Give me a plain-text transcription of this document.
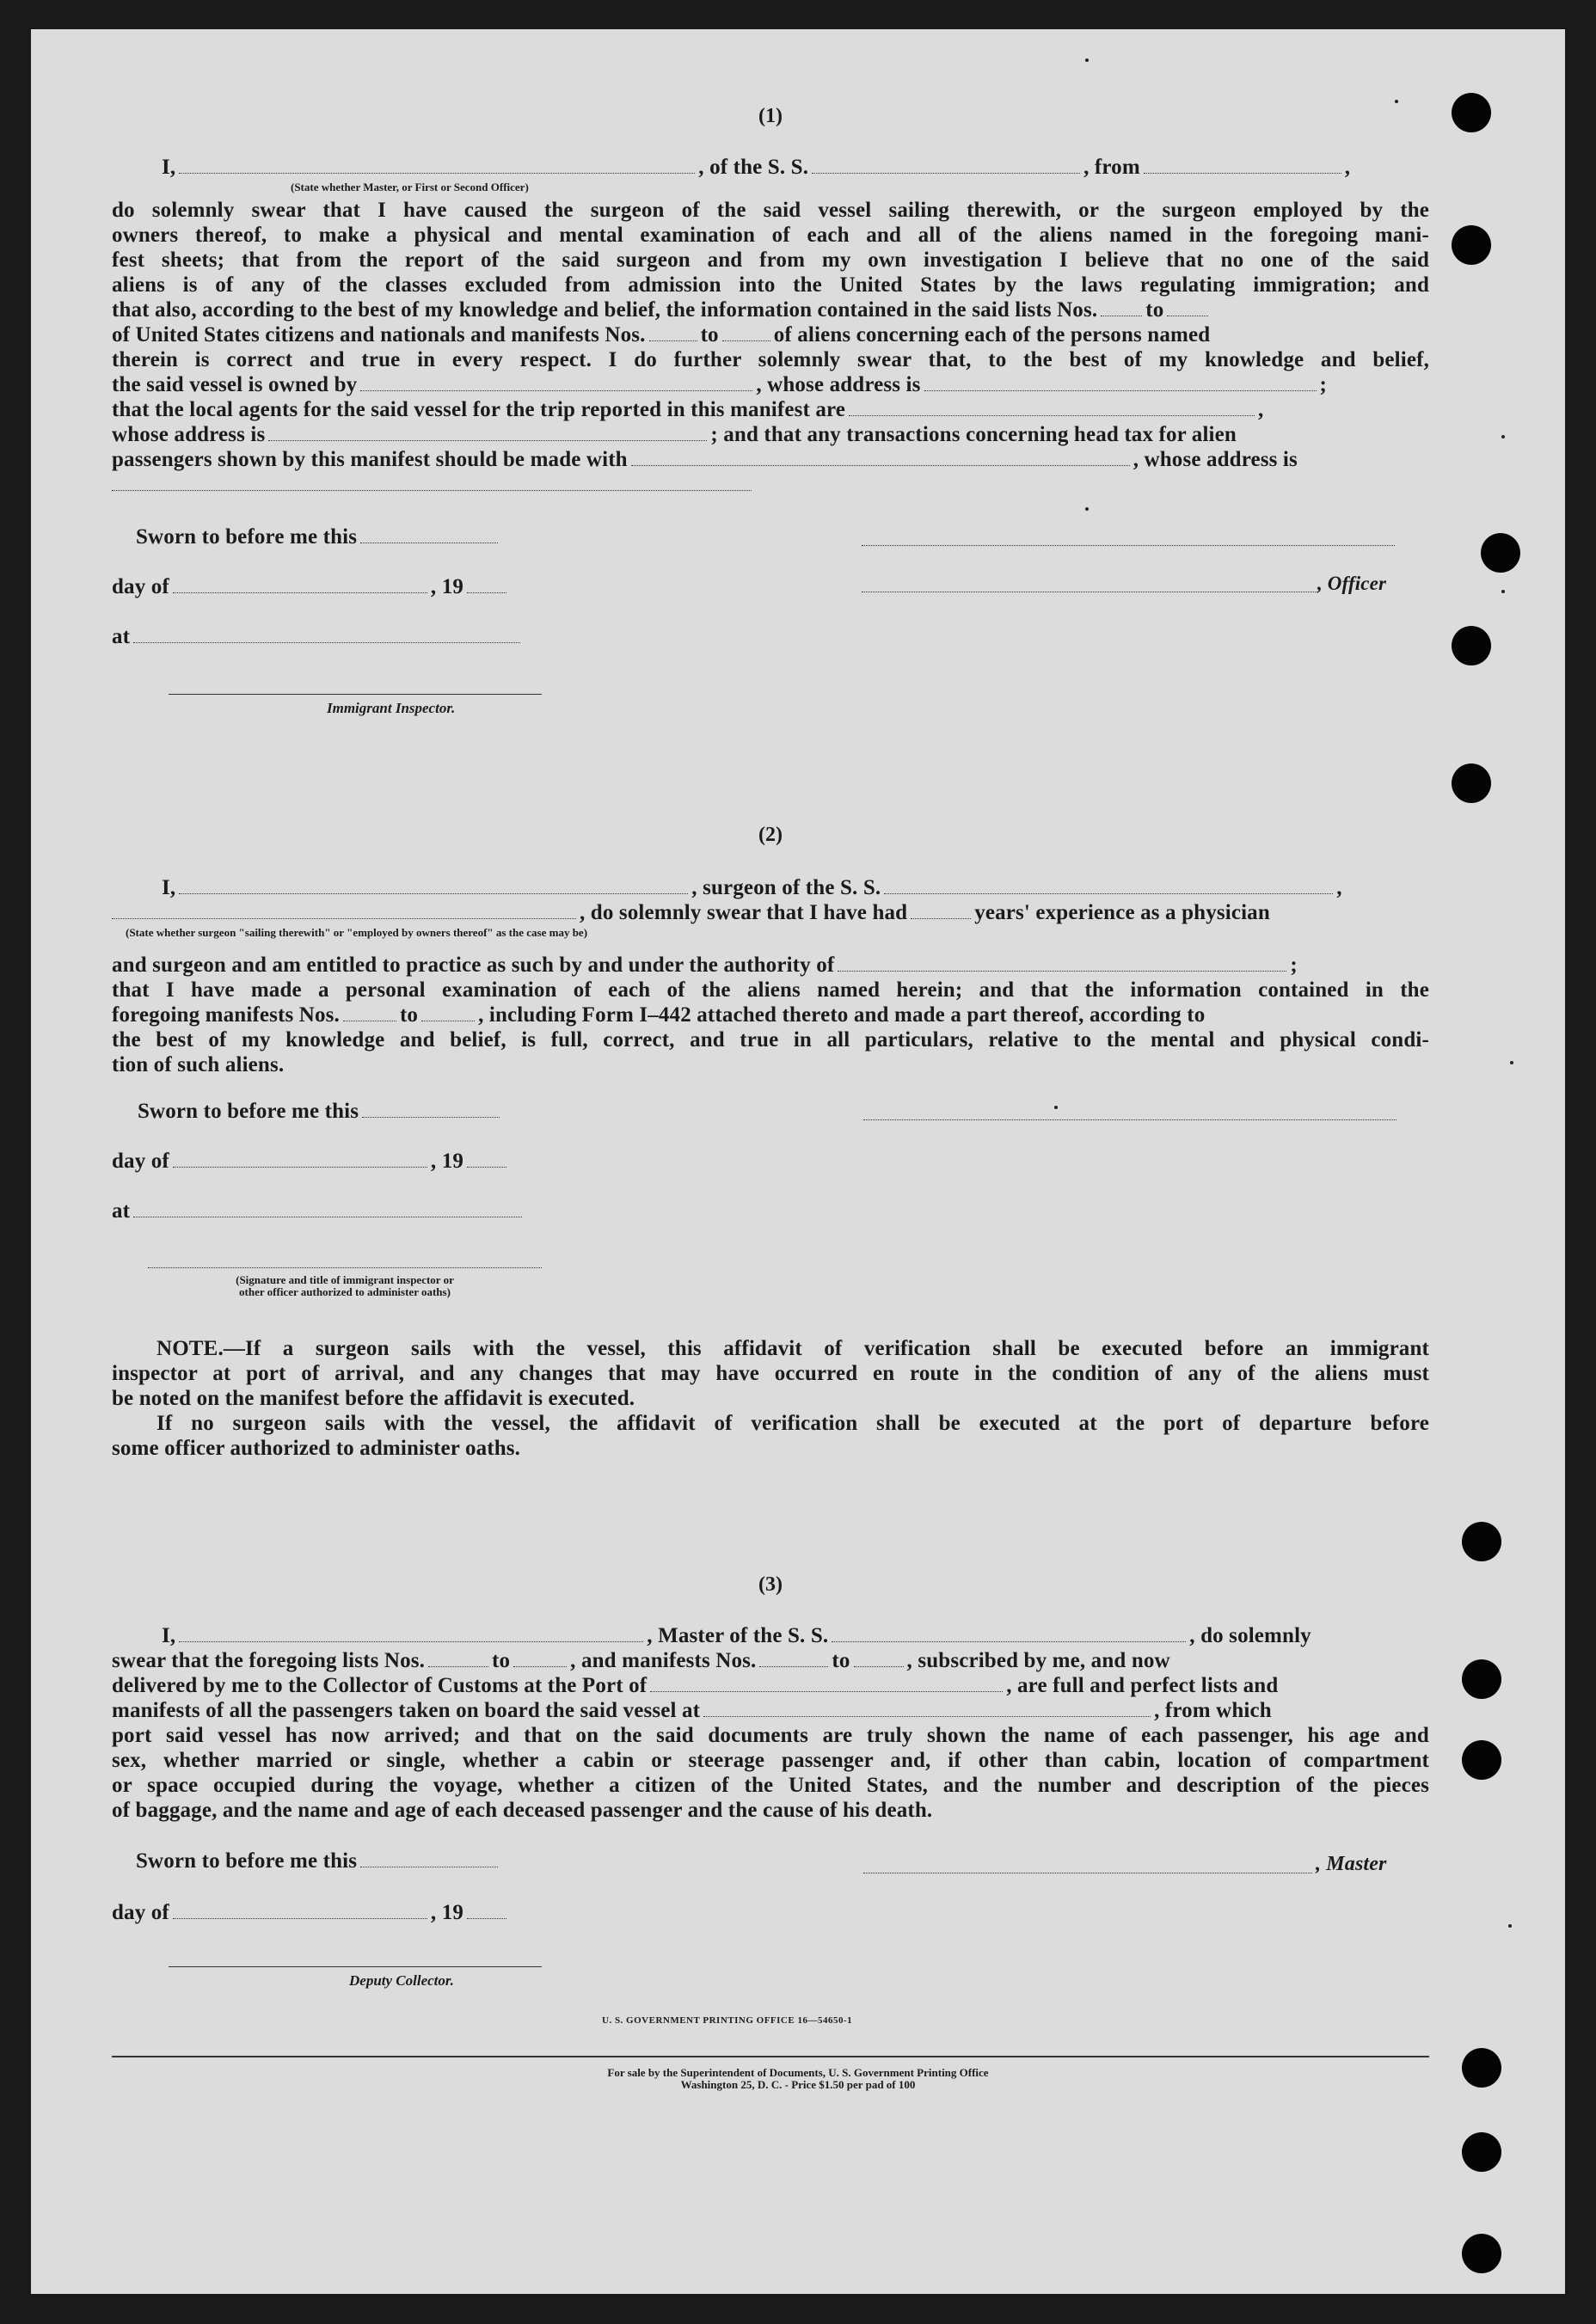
(1)
I,	, of the S. S.	, from	,
(State whether Master, or First or Second Officer)
do solemnly swear that I have caused the surgeon of the said vessel sailing therewith, or the surgeon employed by the
owners thereof, to make a physical and mental examination of each and all of the aliens named in the foregoing mani-
fest sheets; that from the report of the said surgeon and from my own investigation I believe that no one of the said
aliens is of any of the classes excluded from admission into the United States by the laws regulating immigration; and
that also, according to the best of my knowledge and belief, the information contained in the said lists Nos. to
of United States citizens and nationals and manifests Nos.	to	of aliens concerning each of the persons named
therein is correct and true in every respect. I do further solemnly swear that, to the best of my knowledge and belief,
the said vessel is owned by	, whose address is	;
that the local agents for the said vessel for the trip reported in this manifest are	,
whose address is	; and that any transactions concerning head tax for alien
passengers shown by this manifest should be made with	, whose address is
Sworn to before me this
day of	, 19	, Officer
at
Immigrant Inspector.
(2)
I,	, surgeon of the S. S.	,
, do solemnly swear that I have had	years' experience as a physician
(State whether surgeon "sailing therewith" or "employed by owners thereof" as the case may be)
and surgeon and am entitled to practice as such by and under the authority of	;
that I have made a personal examination of each of the aliens named herein; and that the information contained in the
foregoing manifests Nos.	to	, including Form I–442 attached thereto and made a part thereof, according to
the best of my knowledge and belief, is full, correct, and true in all particulars, relative to the mental and physical condi-
tion of such aliens.
Sworn to before me this
day of	, 19
at
(Signature and title of immigrant inspector or
other officer authorized to administer oaths)
NOTE.—If a surgeon sails with the vessel, this affidavit of verification shall be executed before an immigrant
inspector at port of arrival, and any changes that may have occurred en route in the condition of any of the aliens must
be noted on the manifest before the affidavit is executed.
If no surgeon sails with the vessel, the affidavit of verification shall be executed at the port of departure before
some officer authorized to administer oaths.
(3)
I,	, Master of the S. S.	, do solemnly
swear that the foregoing lists Nos.	to	, and manifests Nos.	to	, subscribed by me, and now
delivered by me to the Collector of Customs at the Port of	, are full and perfect lists and
manifests of all the passengers taken on board the said vessel at	, from which
port said vessel has now arrived; and that on the said documents are truly shown the name of each passenger, his age and
sex, whether married or single, whether a cabin or steerage passenger and, if other than cabin, location of compartment
or space occupied during the voyage, whether a citizen of the United States, and the number and description of the pieces
of baggage, and the name and age of each deceased passenger and the cause of his death.
Sworn to before me this	, Master
day of	, 19
Deputy Collector.
U. S. GOVERNMENT PRINTING OFFICE 16—54650-1
For sale by the Superintendent of Documents, U. S. Government Printing Office
Washington 25, D. C. - Price $1.50 per pad of 100
